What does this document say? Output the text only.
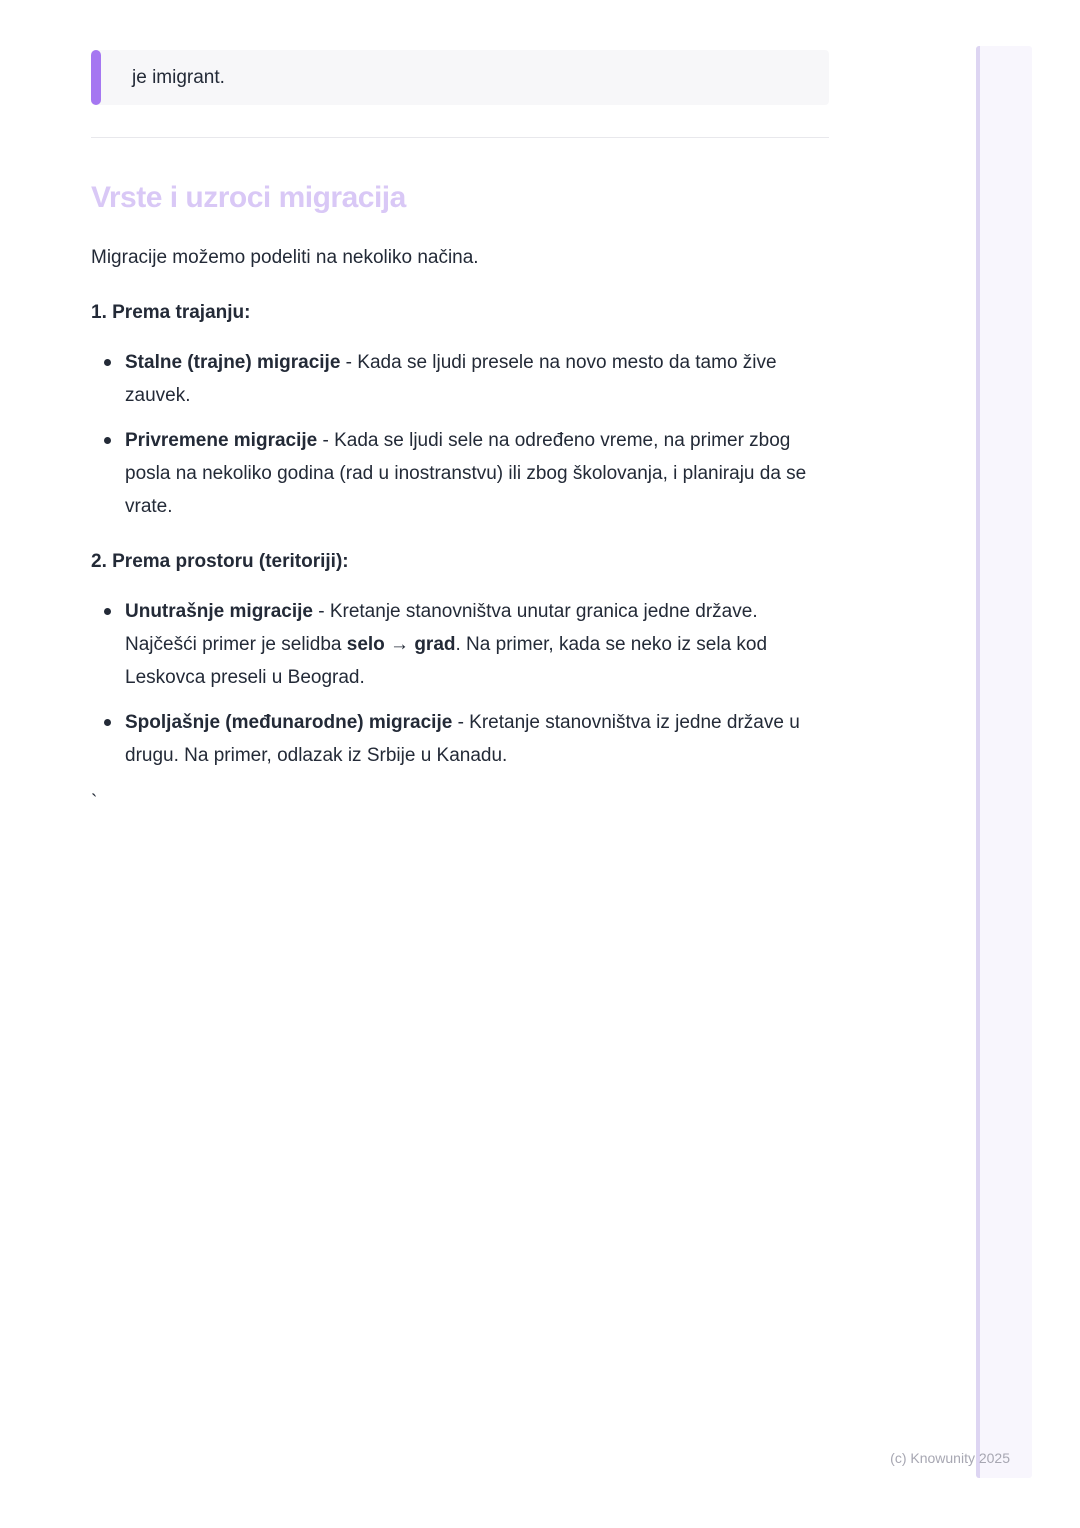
je imigrant.

Vrste i uzroci migracija

Migracije možemo podeliti na nekoliko načina.

1. Prema trajanju:

Stalne (trajne) migracije - Kada se ljudi presele na novo mesto da tamo žive zauvek.
Privremene migracije - Kada se ljudi sele na određeno vreme, na primer zbog posla na nekoliko godina (rad u inostranstvu) ili zbog školovanja, i planiraju da se vrate.

2. Prema prostoru (teritoriji):

Unutrašnje migracije - Kretanje stanovništva unutar granica jedne države. Najčešći primer je selidba selo → grad. Na primer, kada se neko iz sela kod Leskovca preseli u Beograd.
Spoljašnje (međunarodne) migracije - Kretanje stanovništva iz jedne države u drugu. Na primer, odlazak iz Srbije u Kanadu.

`

(c) Knowunity 2025
